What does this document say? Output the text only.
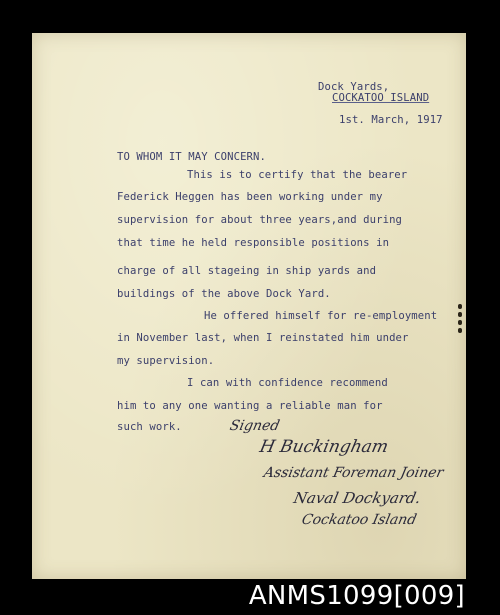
Dock Yards,
COCKATOO ISLAND
1st. March, 1917
TO WHOM IT MAY CONCERN.
This is to certify that the bearer
Federick Heggen has been working under my
supervision for about three years,and during
that time he held responsible positions in
charge of all stageing in ship yards and
buildings of the above Dock Yard.
He offered himself for re-employment
in November last, when I reinstated him under
my supervision.
I can with confidence recommend
him to any one wanting a reliable man for
such work.	Signed
H Buckingham
Assistant Foreman Joiner
Naval Dockyard.
Cockatoo Island
ANMS1099[009]
